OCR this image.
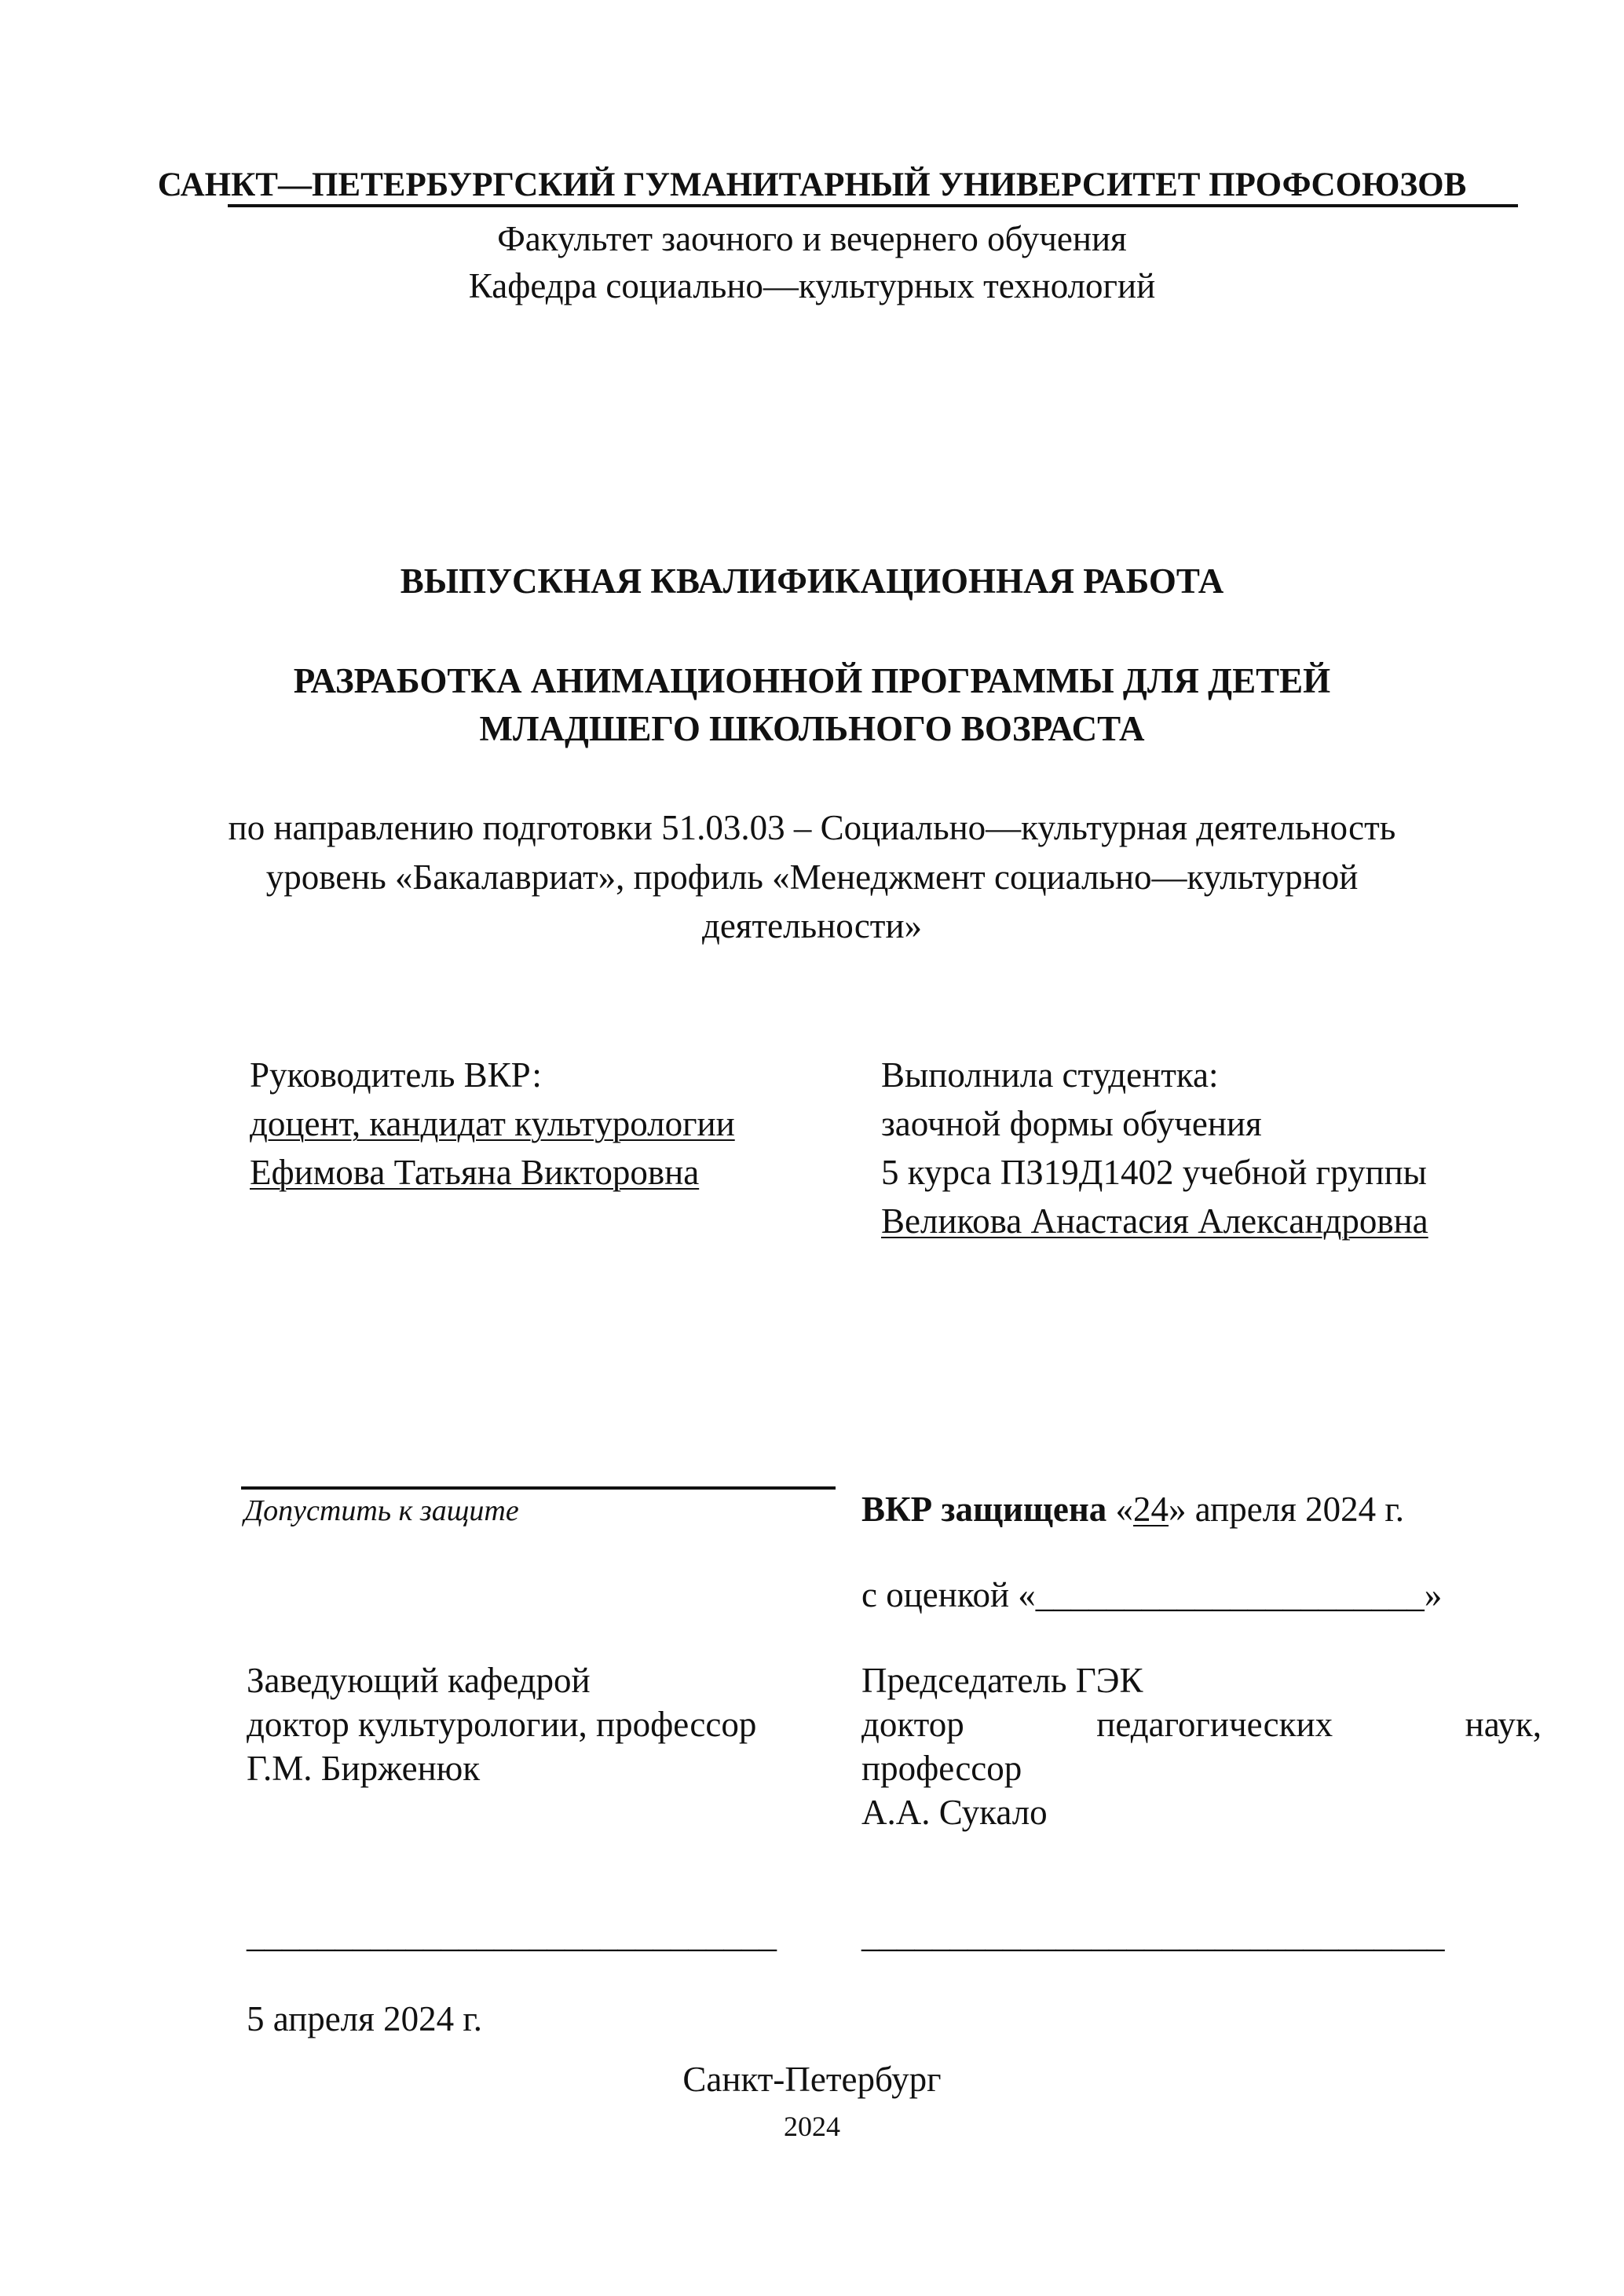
САНКТ—ПЕТЕРБУРГСКИЙ ГУМАНИТАРНЫЙ УНИВЕРСИТЕТ ПРОФСОЮЗОВ
Факультет заочного и вечернего обучения
Кафедра социально—культурных технологий
ВЫПУСКНАЯ КВАЛИФИКАЦИОННАЯ РАБОТА
РАЗРАБОТКА АНИМАЦИОННОЙ ПРОГРАММЫ ДЛЯ ДЕТЕЙ
МЛАДШЕГО ШКОЛЬНОГО ВОЗРАСТА
по направлению подготовки 51.03.03 – Социально—культурная деятельность
уровень «Бакалавриат», профиль «Менеджмент социально—культурной
деятельности»
Руководитель ВКР:
доцент, кандидат культурологии
Ефимова Татьяна Викторовна
Выполнила студентка:
заочной формы обучения
5 курса ПЗ19Д1402 учебной группы
Великова Анастасия Александровна
Допустить к защите	ВКР защищена «24» апреля 2024 г.
с оценкой «______________________»
Заведующий кафедрой
доктор культурологии, профессор
Г.М. Бирженюк
Председатель ГЭК
доктор	педагогических	наук,
профессор
А.А. Сукало
______________________________ _________________________________
5 апреля 2024 г.
Санкт-Петербург
2024
